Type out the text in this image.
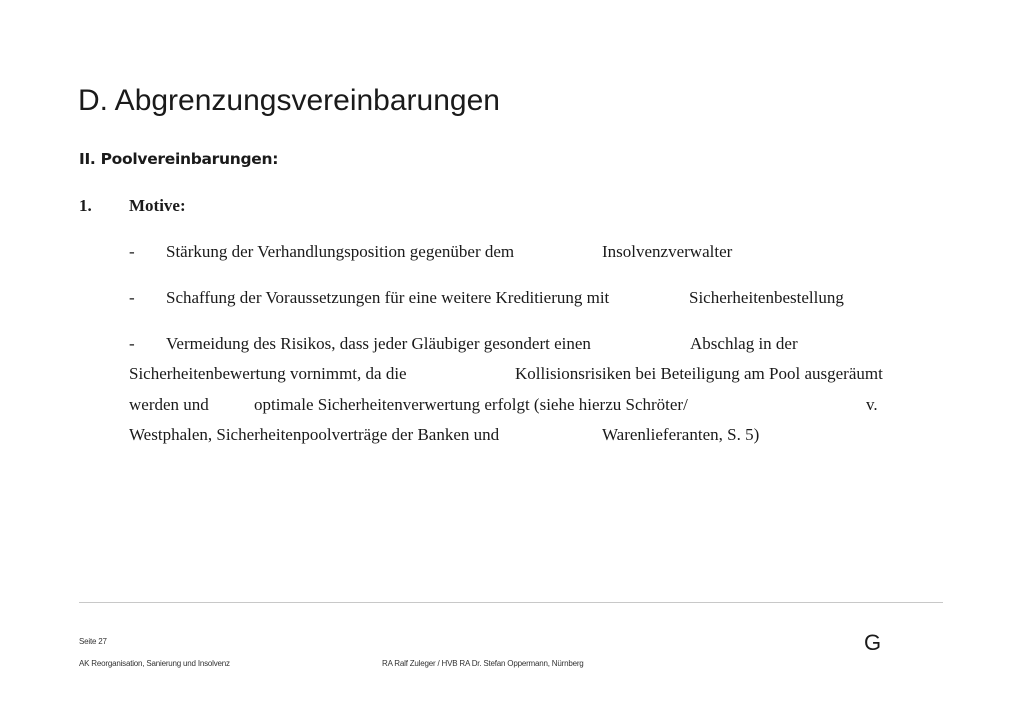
D. Abgrenzungsvereinbarungen
II. Poolvereinbarungen:
1. Motive:
- Stärkung der Verhandlungsposition gegenüber dem	Insolvenzverwalter
- Schaffung der Voraussetzungen für eine weitere Kreditierung mit	Sicherheitenbestellung
- Vermeidung des Risikos, dass jeder Gläubiger gesondert einen	Abschlag in der
Sicherheitenbewertung vornimmt, da die	Kollisionsrisiken bei Beteiligung am Pool ausgeräumt
werden und	optimale Sicherheitenverwertung erfolgt (siehe hierzu Schröter/	v.
Westphalen, Sicherheitenpoolverträge der Banken und	Warenlieferanten, S. 5)
Seite 27	G
AK Reorganisation, Sanierung und Insolvenz	RA Ralf Zuleger / HVB RA Dr. Stefan Oppermann, Nürnberg
